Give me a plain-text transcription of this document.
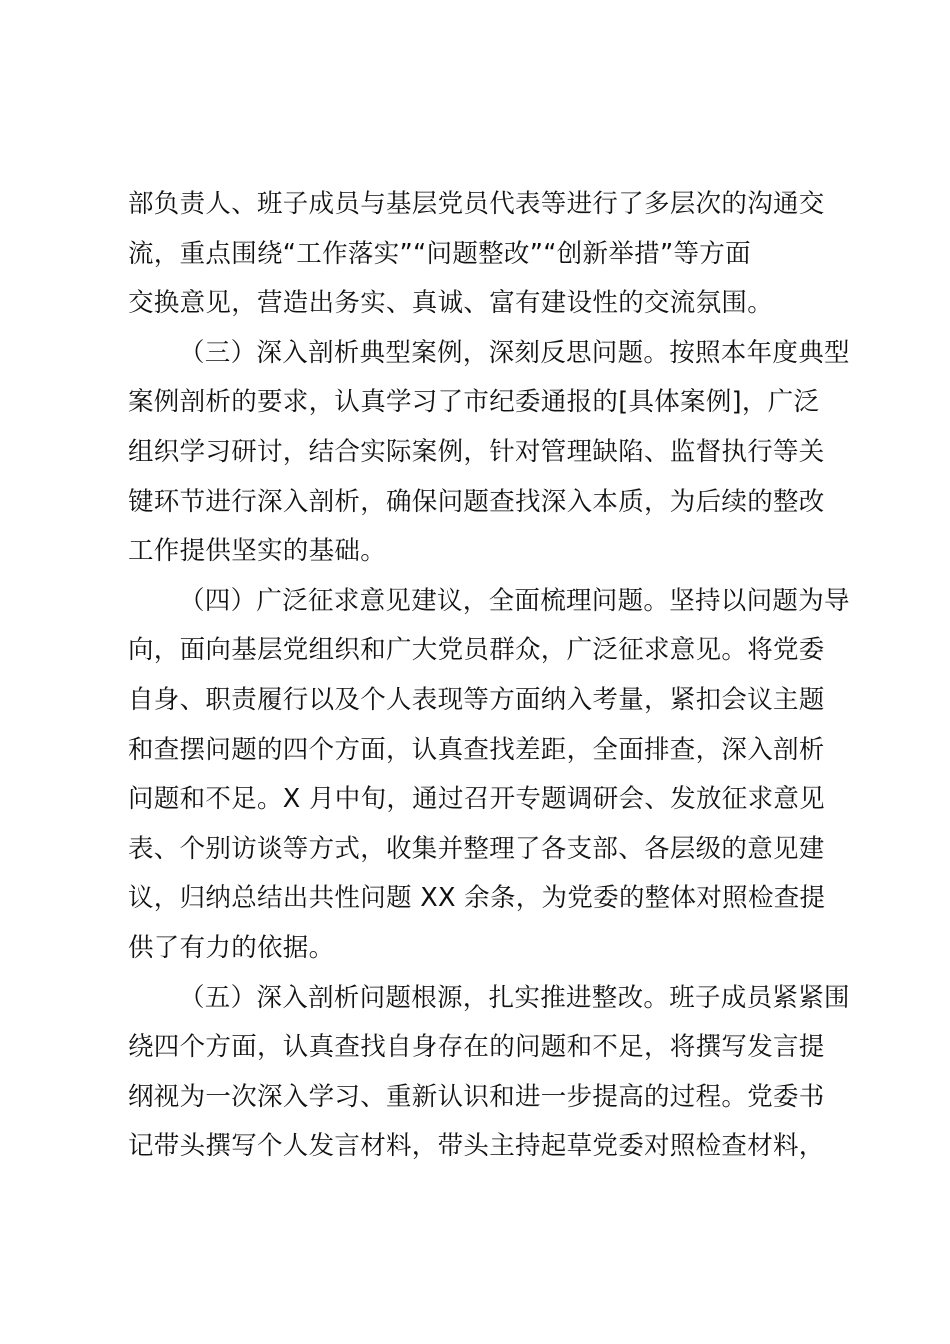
部负责人、班子成员与基层党员代表等进行了多层次的沟通交
流，重点围绕“工作落实”“问题整改”“创新举措”等方面
交换意见，营造出务实、真诚、富有建设性的交流氛围。
（三）深入剖析典型案例，深刻反思问题。按照本年度典型
案例剖析的要求，认真学习了市纪委通报的[具体案例]，广泛
组织学习研讨，结合实际案例，针对管理缺陷、监督执行等关
键环节进行深入剖析，确保问题查找深入本质，为后续的整改
工作提供坚实的基础。
（四）广泛征求意见建议，全面梳理问题。坚持以问题为导
向，面向基层党组织和广大党员群众，广泛征求意见。将党委
自身、职责履行以及个人表现等方面纳入考量，紧扣会议主题
和查摆问题的四个方面，认真查找差距，全面排查，深入剖析
问题和不足。X 月中旬，通过召开专题调研会、发放征求意见
表、个别访谈等方式，收集并整理了各支部、各层级的意见建
议，归纳总结出共性问题 XX 余条，为党委的整体对照检查提
供了有力的依据。
（五）深入剖析问题根源，扎实推进整改。班子成员紧紧围
绕四个方面，认真查找自身存在的问题和不足，将撰写发言提
纲视为一次深入学习、重新认识和进一步提高的过程。党委书
记带头撰写个人发言材料，带头主持起草党委对照检查材料，
